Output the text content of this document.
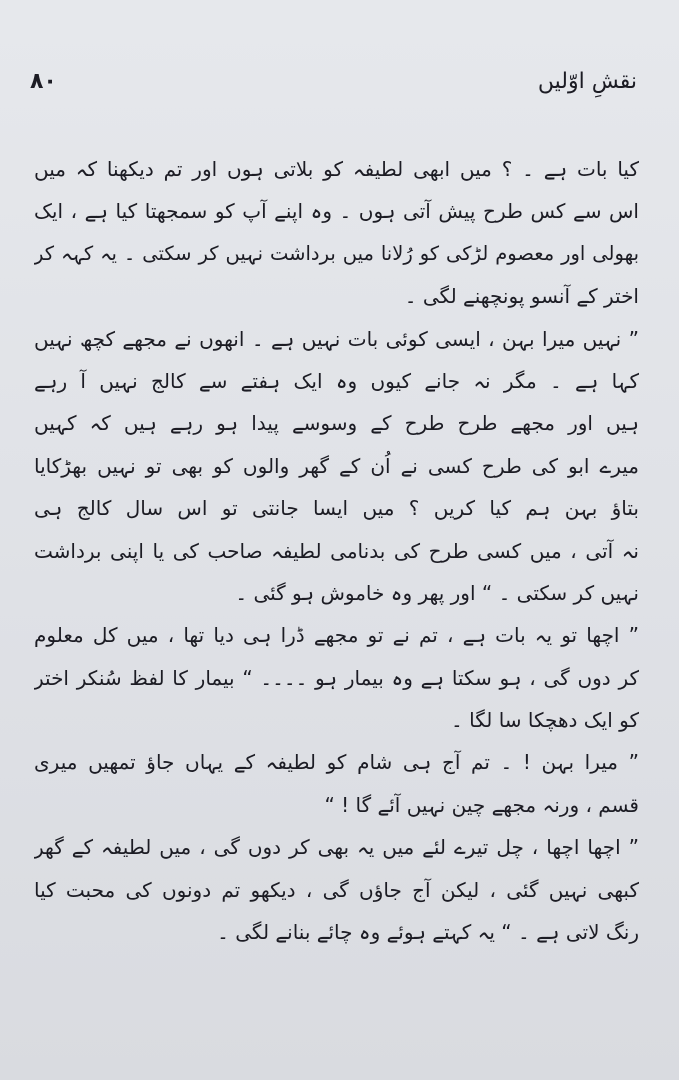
نقشِ اوّلیں
۸۰
کیا بات ہے ۔ ؟ میں ابھی لطیفہ کو بلاتی ہوں اور تم دیکھنا کہ میں
اس سے کس طرح پیش آتی ہوں ۔ وہ اپنے آپ کو سمجھتا کیا ہے ، ایک
بھولی اور معصوم لڑکی کو رُلانا میں برداشت نہیں کر سکتی ۔ یہ کہہ کر
اختر کے آنسو پونچھنے لگی ۔
” نہیں میرا بہن ، ایسی کوئی بات نہیں ہے ۔ انھوں نے مجھے کچھ نہیں
کہا ہے ۔ مگر نہ جانے کیوں وہ ایک ہفتے سے کالج نہیں آ رہے
ہیں اور مجھے طرح طرح کے وسوسے پیدا ہو رہے ہیں کہ کہیں
میرے ابو کی طرح کسی نے اُن کے گھر والوں کو بھی تو نہیں بھڑکایا
بتاؤ بہن ہم کیا کریں ؟ میں ایسا جانتی تو اس سال کالج ہی
نہ آتی ، میں کسی طرح کی بدنامی لطیفہ صاحب کی یا اپنی برداشت
نہیں کر سکتی ۔ “ اور پھر وہ خاموش ہو گئی ۔
” اچھا تو یہ بات ہے ، تم نے تو مجھے ڈرا ہی دیا تھا ، میں کل معلوم
کر دوں گی ، ہو سکتا ہے وہ بیمار ہو ۔۔۔۔ “ بیمار کا لفظ سُنکر اختر
کو ایک دھچکا سا لگا ۔
” میرا بہن ! ۔ تم آج ہی شام کو لطیفہ کے یہاں جاؤ تمھیں میری
قسم ، ورنہ مجھے چین نہیں آئے گا ! “
” اچھا اچھا ، چل تیرے لئے میں یہ بھی کر دوں گی ، میں لطیفہ کے گھر
کبھی نہیں گئی ، لیکن آج جاؤں گی ، دیکھو تم دونوں کی محبت کیا
رنگ لاتی ہے ۔ “ یہ کہتے ہوئے وہ چائے بنانے لگی ۔
